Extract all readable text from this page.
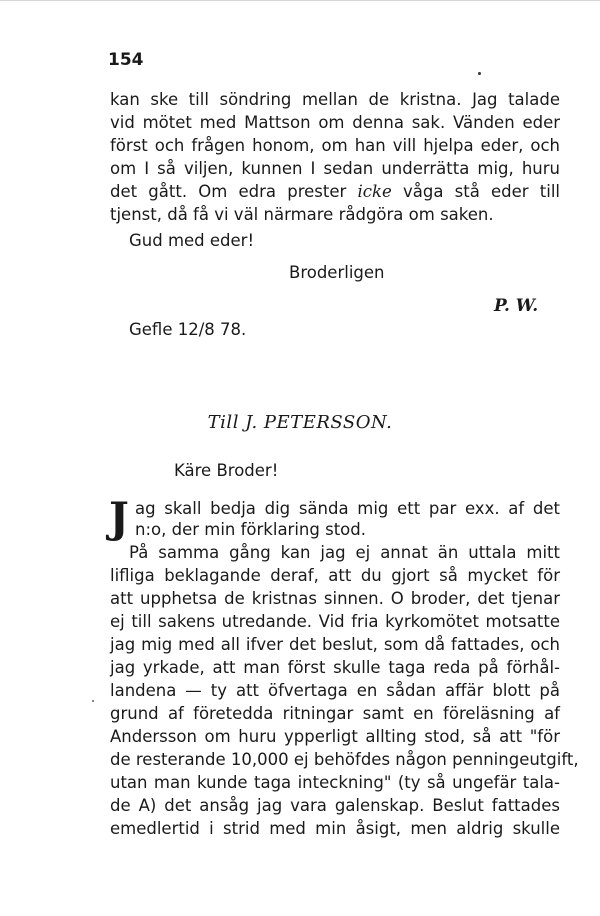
154
kan ske till söndring mellan de kristna. Jag talade
vid mötet med Mattson om denna sak. Vänden eder
först och frågen honom, om han vill hjelpa eder, och
om I så viljen, kunnen I sedan underrätta mig, huru
det gått. Om edra prester icke våga stå eder till
tjenst, då få vi väl närmare rådgöra om saken.
Gud med eder!
Broderligen
P. W.
Gefle 12/8 78.
Till J. PETERSSON.
Käre Broder!
J ag skall bedja dig sända mig ett par exx. af det
n:o, der min förklaring stod.
På samma gång kan jag ej annat än uttala mitt
lifliga beklagande deraf, att du gjort så mycket för
att upphetsa de kristnas sinnen. O broder, det tjenar
ej till sakens utredande. Vid fria kyrkomötet motsatte
jag mig med all ifver det beslut, som då fattades, och
jag yrkade, att man först skulle taga reda på förhål-
landena — ty att öfvertaga en sådan affär blott på
grund af företedda ritningar samt en föreläsning af
Andersson om huru ypperligt allting stod, så att "för
de resterande 10,000 ej behöfdes någon penningeutgift,
utan man kunde taga inteckning" (ty så ungefär tala-
de A) det ansåg jag vara galenskap. Beslut fattades
emedlertid i strid med min åsigt, men aldrig skulle
